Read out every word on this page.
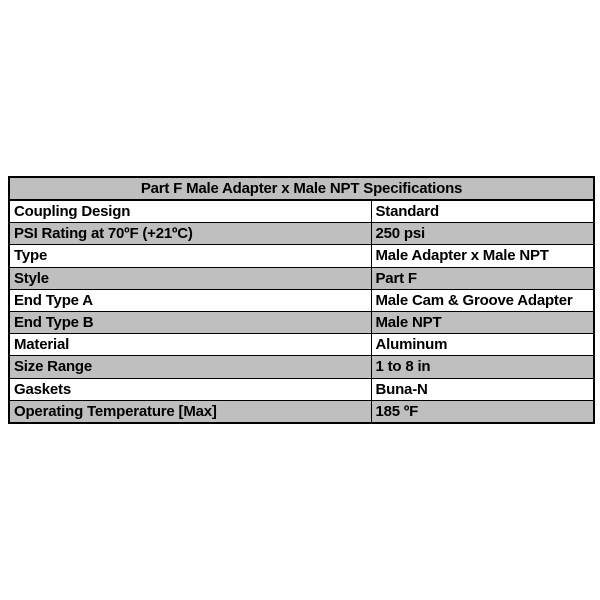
Part F Male Adapter x Male NPT Specifications	
Coupling Design	Standard
PSI Rating at 70ºF (+21ºC)	250 psi
Type	Male Adapter x Male NPT
Style	Part F
End Type A	Male Cam & Groove Adapter
End Type B	Male NPT
Material	Aluminum
Size Range	1 to 8 in
Gaskets	Buna-N
Operating Temperature [Max]	185 ºF
